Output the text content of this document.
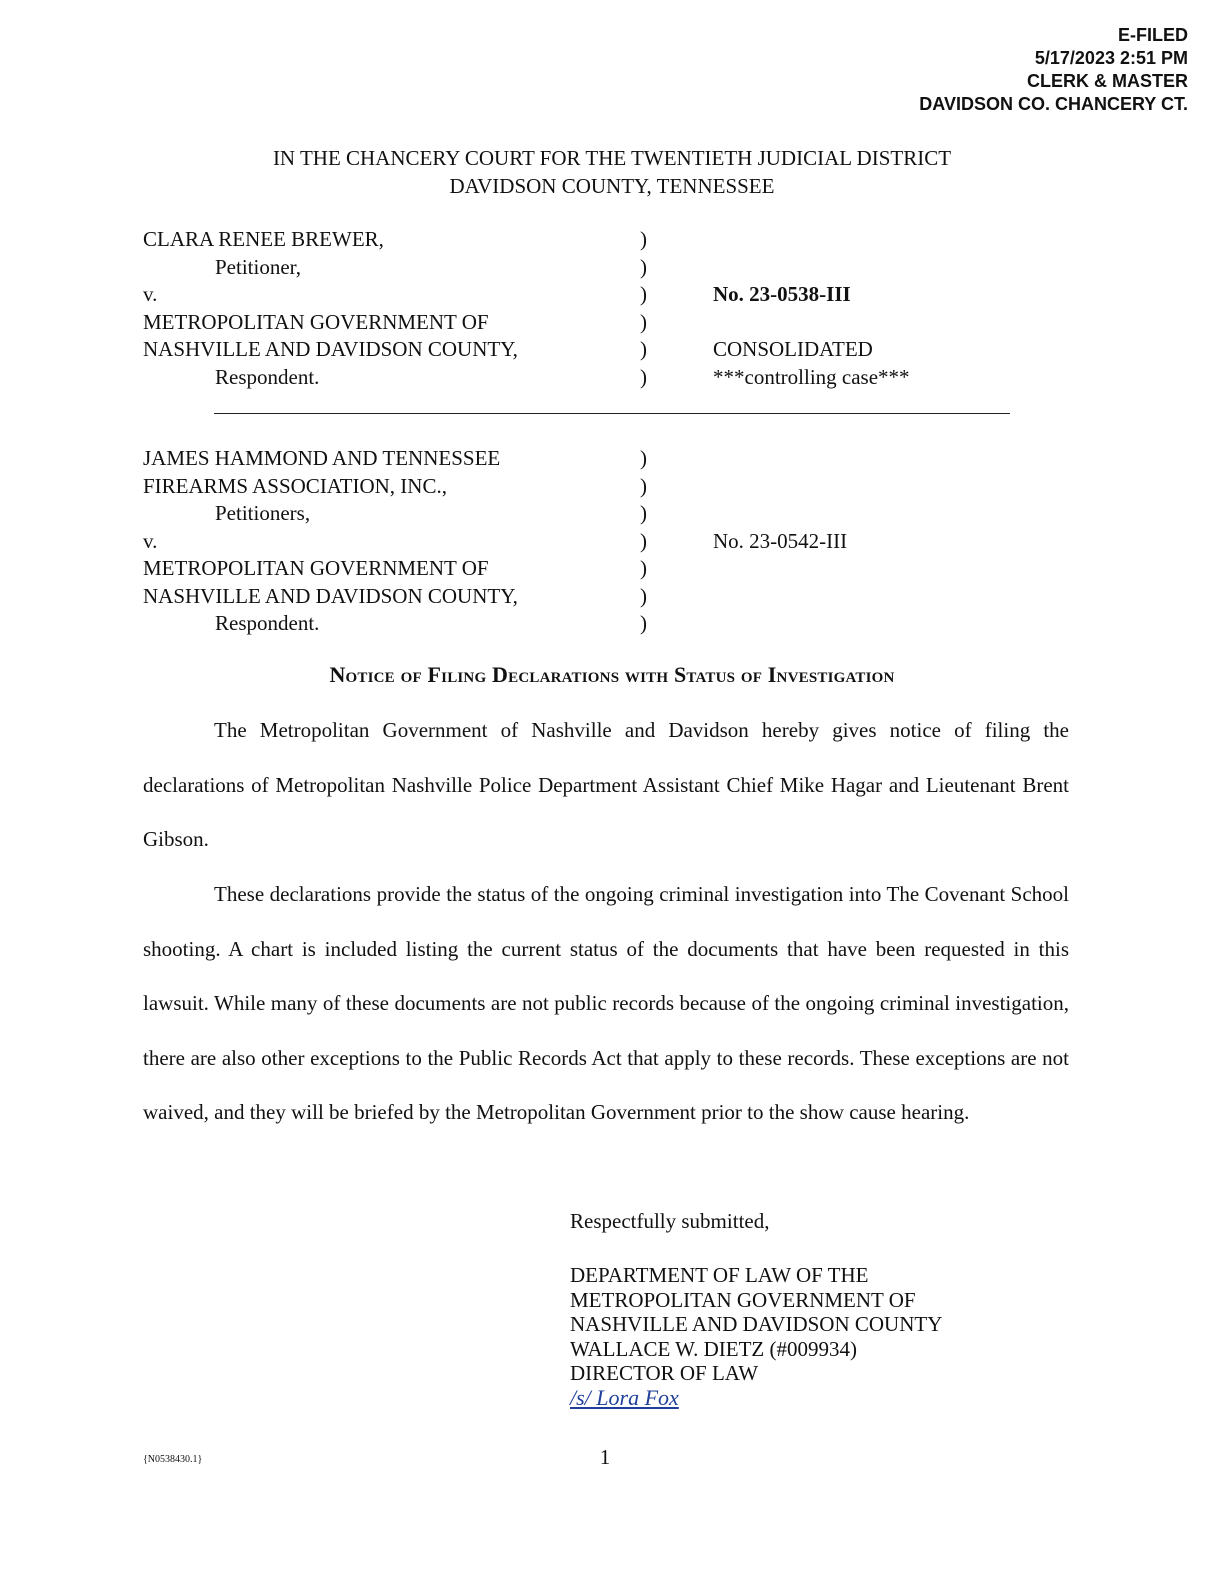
E-FILED
5/17/2023 2:51 PM
CLERK & MASTER
DAVIDSON CO. CHANCERY CT.
IN THE CHANCERY COURT FOR THE TWENTIETH JUDICIAL DISTRICT
DAVIDSON COUNTY, TENNESSEE
CLARA RENEE BREWER,	)
Petitioner,	)
v.	)	No. 23-0538-III
METROPOLITAN GOVERNMENT OF	)
NASHVILLE AND DAVIDSON COUNTY,	)	CONSOLIDATED
Respondent.	)	***controlling case***
JAMES HAMMOND AND TENNESSEE	)
FIREARMS ASSOCIATION, INC.,	)
Petitioners,	)
v.	)	No. 23-0542-III
METROPOLITAN GOVERNMENT OF	)
NASHVILLE AND DAVIDSON COUNTY,	)
Respondent.	)
Notice of Filing Declarations with Status of Investigation
The Metropolitan Government of Nashville and Davidson hereby gives notice of filing the declarations of Metropolitan Nashville Police Department Assistant Chief Mike Hagar and Lieutenant Brent Gibson.
These declarations provide the status of the ongoing criminal investigation into The Covenant School shooting. A chart is included listing the current status of the documents that have been requested in this lawsuit. While many of these documents are not public records because of the ongoing criminal investigation, there are also other exceptions to the Public Records Act that apply to these records. These exceptions are not waived, and they will be briefed by the Metropolitan Government prior to the show cause hearing.
Respectfully submitted,
DEPARTMENT OF LAW OF THE
METROPOLITAN GOVERNMENT OF
NASHVILLE AND DAVIDSON COUNTY
WALLACE W. DIETZ (#009934)
DIRECTOR OF LAW
/s/ Lora Fox
1
{N0538430.1}
